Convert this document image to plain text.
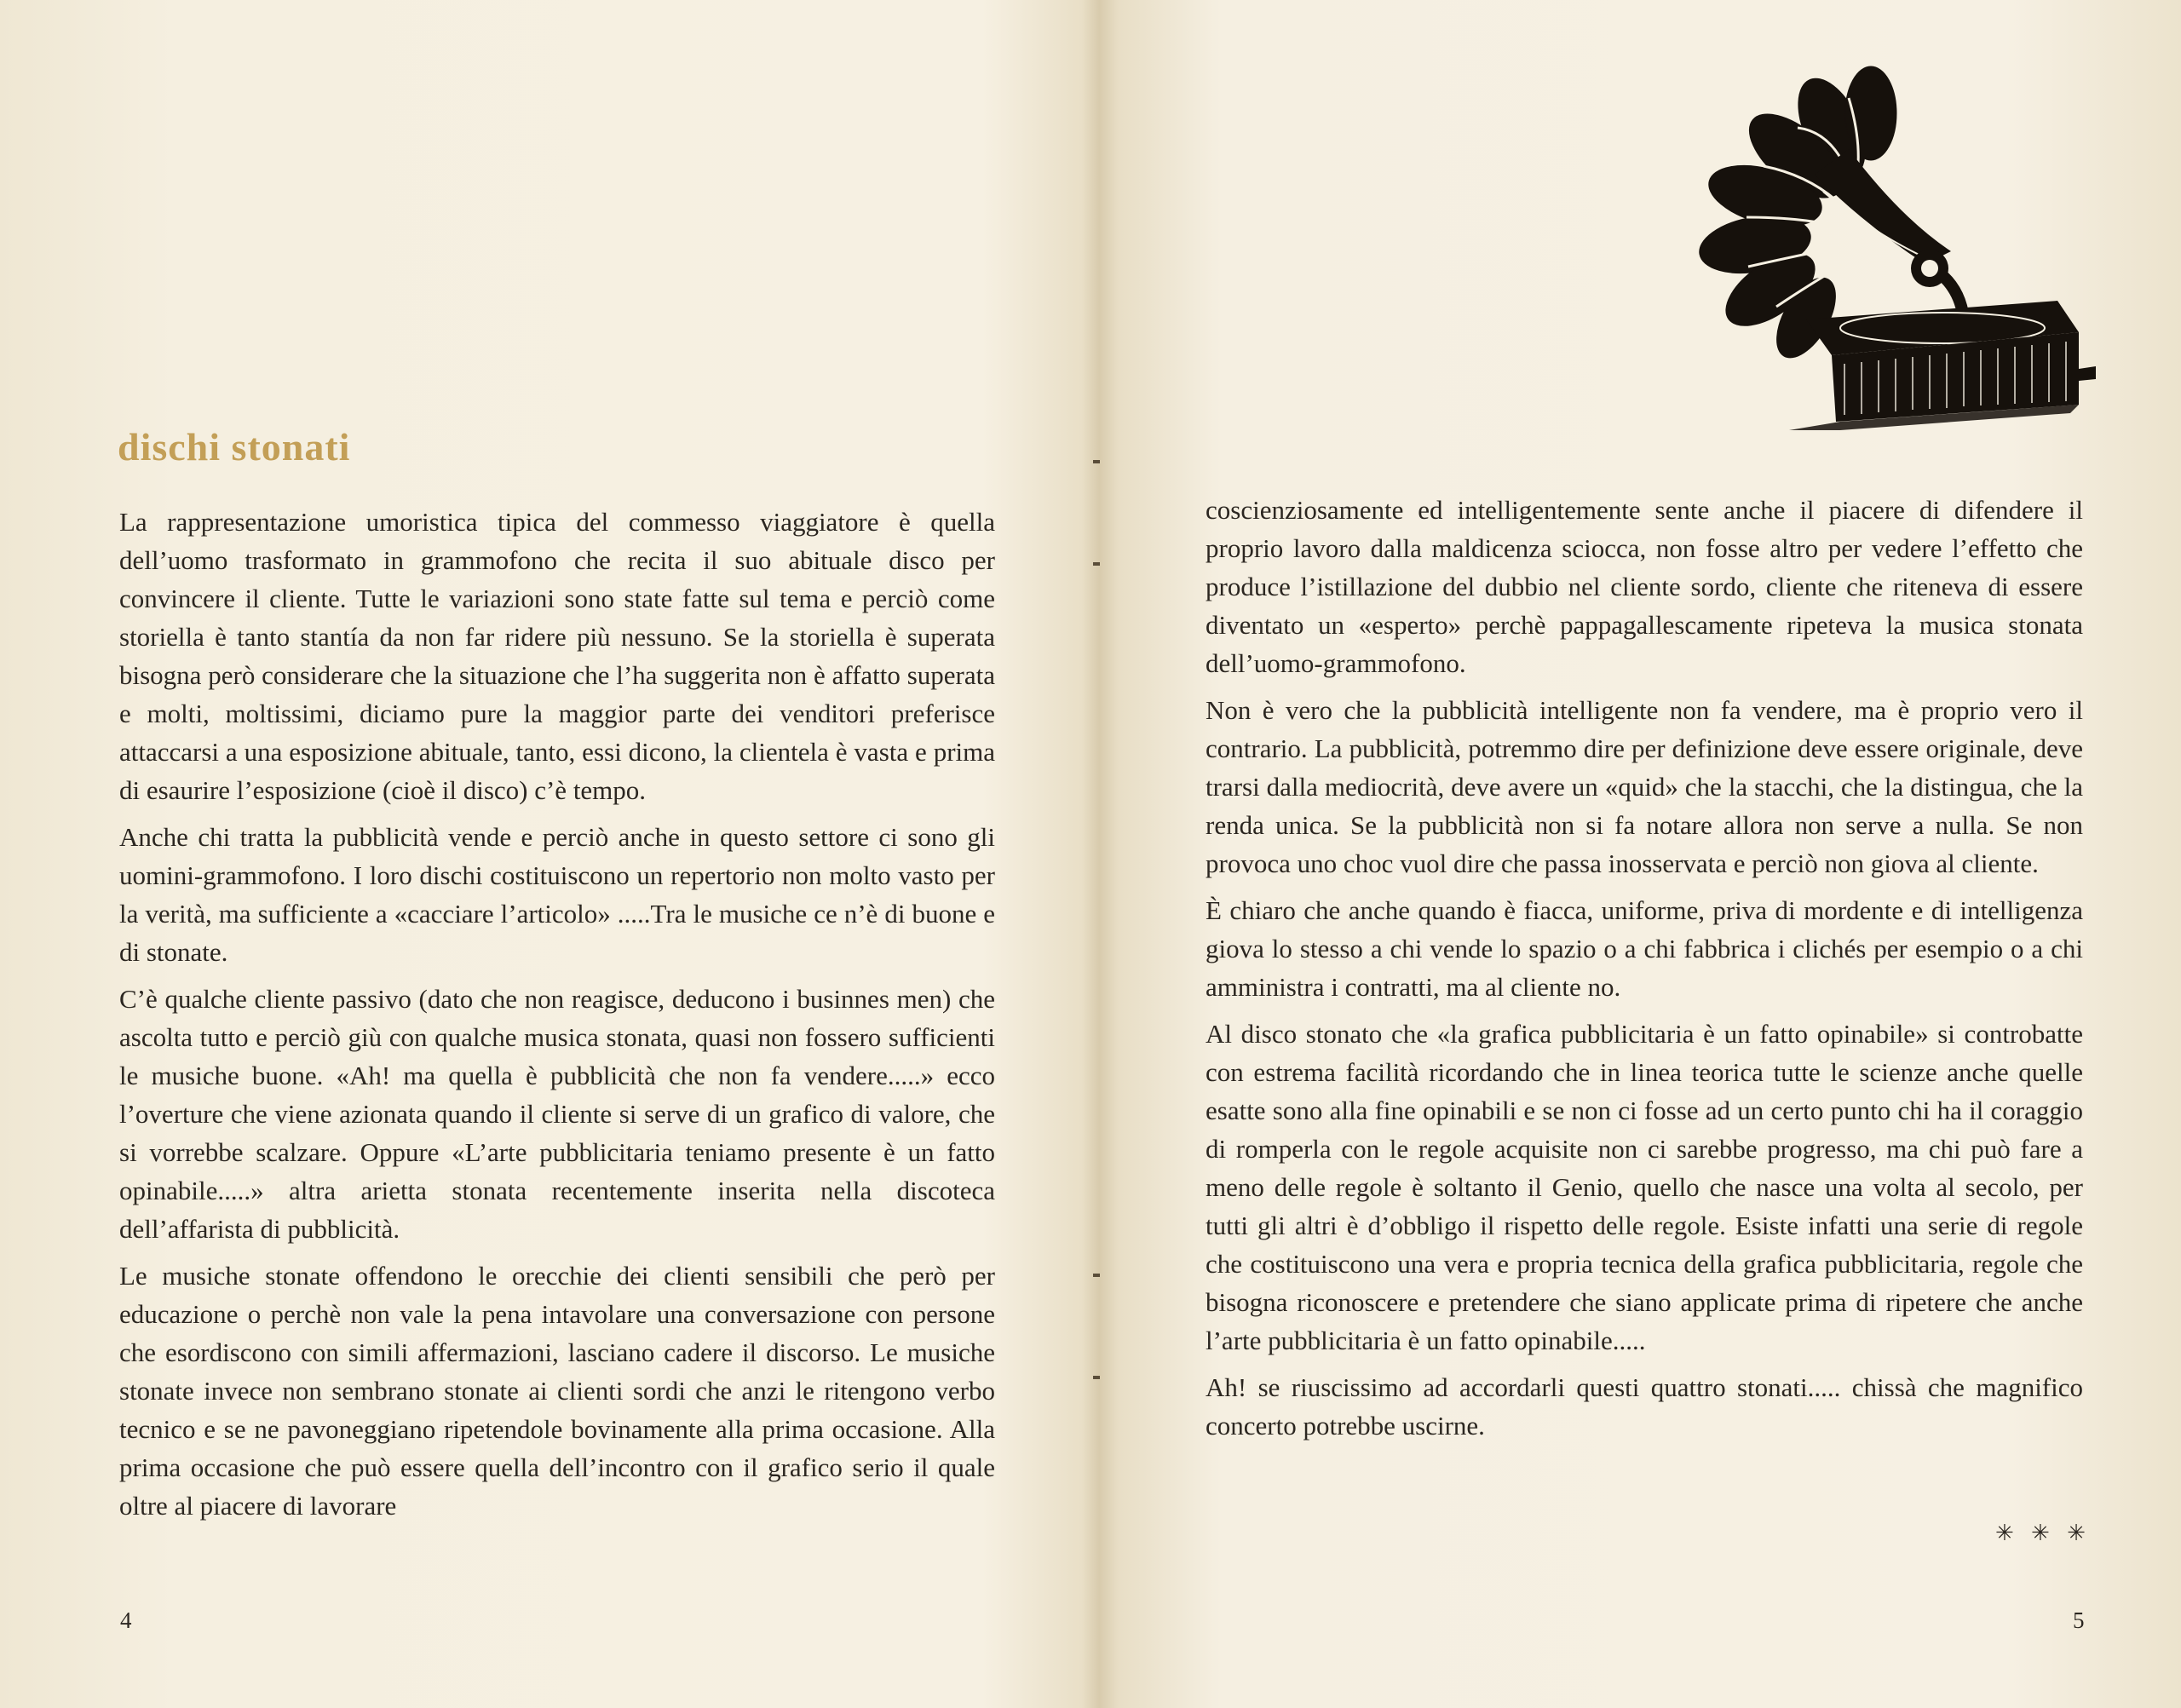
dischi stonati

La rappresentazione umoristica tipica del commesso viaggiatore è quella dell’uomo trasformato in grammofono che recita il suo abituale disco per convincere il cliente. Tutte le variazioni sono state fatte sul tema e perciò come storiella è tanto stantía da non far ridere più nessuno. Se la storiella è superata bisogna però considerare che la situazione che l’ha suggerita non è affatto superata e molti, moltissimi, diciamo pure la maggior parte dei venditori preferisce attaccarsi a una esposizione abituale, tanto, essi dicono, la clientela è vasta e prima di esaurire l’esposizione (cioè il disco) c’è tempo.

Anche chi tratta la pubblicità vende e perciò anche in questo settore ci sono gli uomini-grammofono. I loro dischi costituiscono un repertorio non molto vasto per la verità, ma sufficiente a «cacciare l’articolo» .....Tra le musiche ce n’è di buone e di stonate.

C’è qualche cliente passivo (dato che non reagisce, deducono i businnes men) che ascolta tutto e perciò giù con qualche musica stonata, quasi non fossero sufficienti le musiche buone. «Ah! ma quella è pubblicità che non fa vendere.....» ecco l’overture che viene azionata quando il cliente si serve di un grafico di valore, che si vorrebbe scalzare. Oppure «L’arte pubblicitaria teniamo presente è un fatto opinabile.....» altra arietta stonata recentemente inserita nella discoteca dell’affarista di pubblicità.

Le musiche stonate offendono le orecchie dei clienti sensibili che però per educazione o perchè non vale la pena intavolare una conversazione con persone che esordiscono con simili affermazioni, lasciano cadere il discorso. Le musiche stonate invece non sembrano stonate ai clienti sordi che anzi le ritengono verbo tecnico e se ne pavoneggiano ripetendole bovinamente alla prima occasione. Alla prima occasione che può essere quella dell’incontro con il grafico serio il quale oltre al piacere di lavorare

4

coscienziosamente ed intelligentemente sente anche il piacere di difendere il proprio lavoro dalla maldicenza sciocca, non fosse altro per vedere l’effetto che produce l’istillazione del dubbio nel cliente sordo, cliente che riteneva di essere diventato un «esperto» perchè pappagallescamente ripeteva la musica stonata dell’uomo-grammofono.

Non è vero che la pubblicità intelligente non fa vendere, ma è proprio vero il contrario. La pubblicità, potremmo dire per definizione deve essere originale, deve trarsi dalla mediocrità, deve avere un «quid» che la stacchi, che la distingua, che la renda unica. Se la pubblicità non si fa notare allora non serve a nulla. Se non provoca uno choc vuol dire che passa inosservata e perciò non giova al cliente.

È chiaro che anche quando è fiacca, uniforme, priva di mordente e di intelligenza giova lo stesso a chi vende lo spazio o a chi fabbrica i clichés per esempio o a chi amministra i contratti, ma al cliente no.

Al disco stonato che «la grafica pubblicitaria è un fatto opinabile» si controbatte con estrema facilità ricordando che in linea teorica tutte le scienze anche quelle esatte sono alla fine opinabili e se non ci fosse ad un certo punto chi ha il coraggio di romperla con le regole acquisite non ci sarebbe progresso, ma chi può fare a meno delle regole è soltanto il Genio, quello che nasce una volta al secolo, per tutti gli altri è d’obbligo il rispetto delle regole. Esiste infatti una serie di regole che costituiscono una vera e propria tecnica della grafica pubblicitaria, regole che bisogna riconoscere e pretendere che siano applicate prima di ripetere che anche l’arte pubblicitaria è un fatto opinabile.....

Ah! se riuscissimo ad accordarli questi quattro stonati..... chissà che magnifico concerto potrebbe uscirne.

✳ ✳ ✳
5
